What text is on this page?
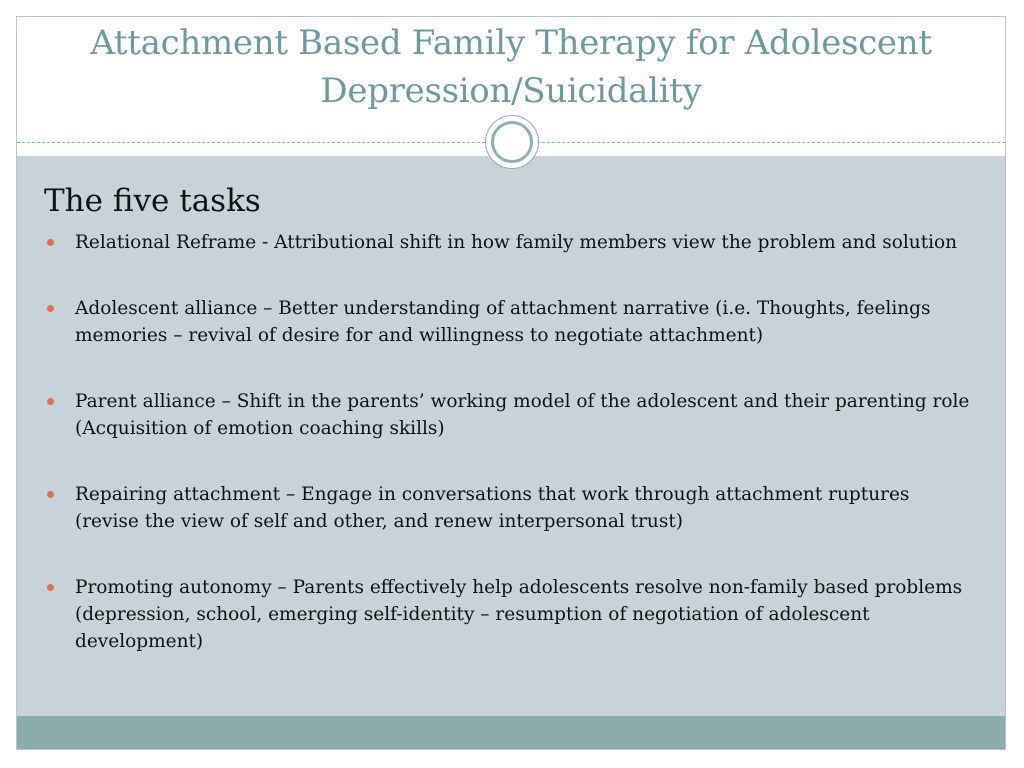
Attachment Based Family Therapy for Adolescent
Depression/Suicidality
The five tasks
Relational Reframe - Attributional shift in how family members view the problem and solution
Adolescent alliance – Better understanding of attachment narrative (i.e. Thoughts, feelings memories – revival of desire for and willingness to negotiate attachment)
Parent alliance – Shift in the parents’ working model of the adolescent and their parenting role (Acquisition of emotion coaching skills)
Repairing attachment – Engage in conversations that work through attachment ruptures (revise the view of self and other, and renew interpersonal trust)
Promoting autonomy – Parents effectively help adolescents resolve non-family based problems (depression, school, emerging self-identity – resumption of negotiation of adolescent development)
